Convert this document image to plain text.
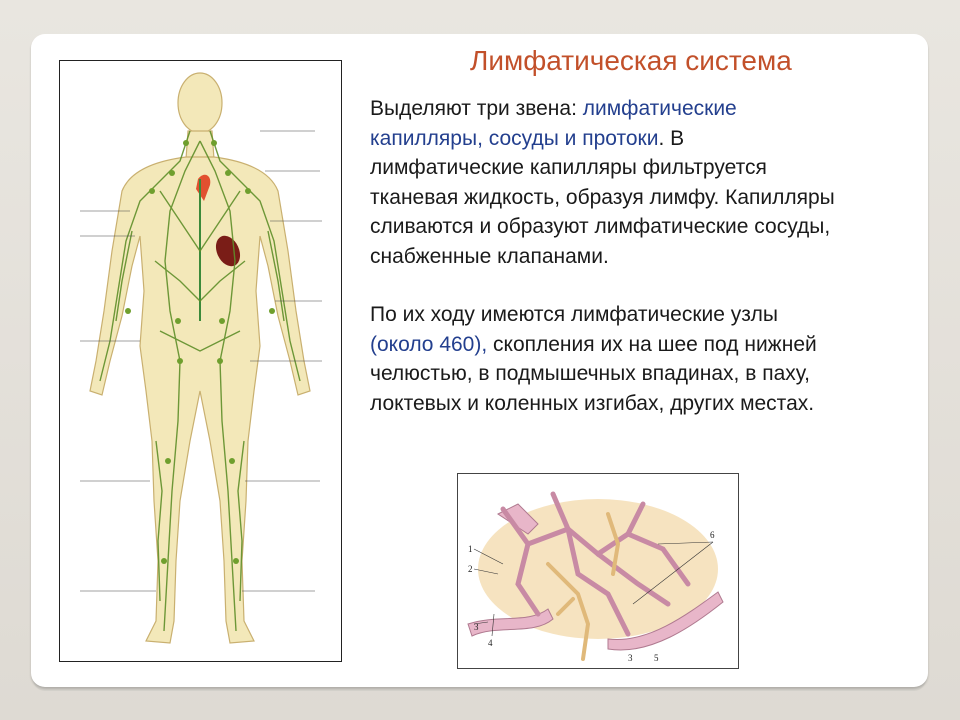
Лимфатическая система

Выделяют три звена: лимфатические капилляры, сосуды и протоки. В лимфатические капилляры фильтруется тканевая жидкость, образуя лимфу. Капилляры сливаются и образуют лимфатические сосуды, снабженные клапанами.

По их ходу имеются лимфатические узлы (около 460), скопления их на шее под нижней челюстью, в подмышечных впадинах, в паху, локтевых и коленных изгибах, других местах.

1
2
3
4
6
3 5
